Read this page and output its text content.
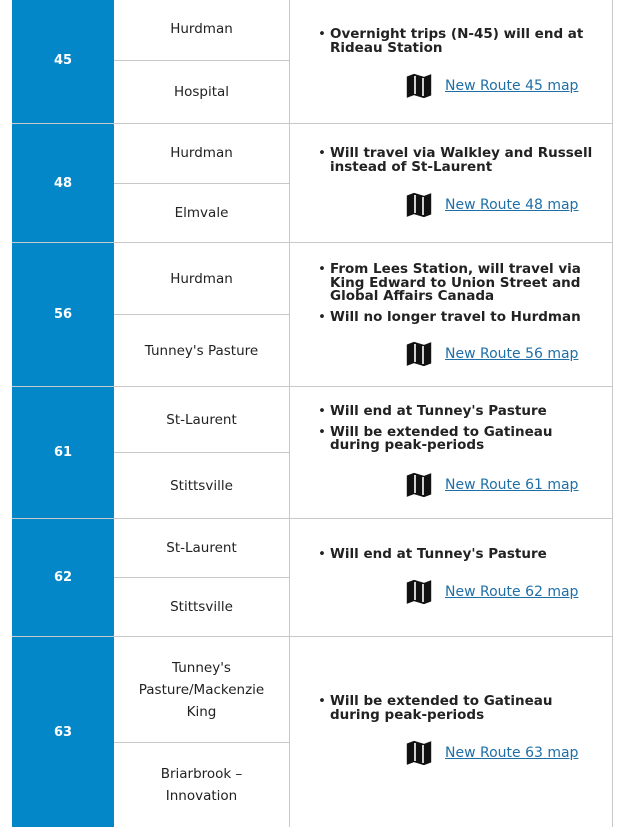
45
Hurdman
Hospital
• Overnight trips (N-45) will end at Rideau Station
New Route 45 map
48
Hurdman
Elmvale
• Will travel via Walkley and Russell instead of St-Laurent
New Route 48 map
56
Hurdman
Tunney's Pasture
• From Lees Station, will travel via King Edward to Union Street and Global Affairs Canada
• Will no longer travel to Hurdman
New Route 56 map
61
St-Laurent
Stittsville
• Will end at Tunney's Pasture
• Will be extended to Gatineau during peak-periods
New Route 61 map
62
St-Laurent
Stittsville
• Will end at Tunney's Pasture
New Route 62 map
63
Tunney's Pasture/Mackenzie King
Briarbrook – Innovation
• Will be extended to Gatineau during peak-periods
New Route 63 map
